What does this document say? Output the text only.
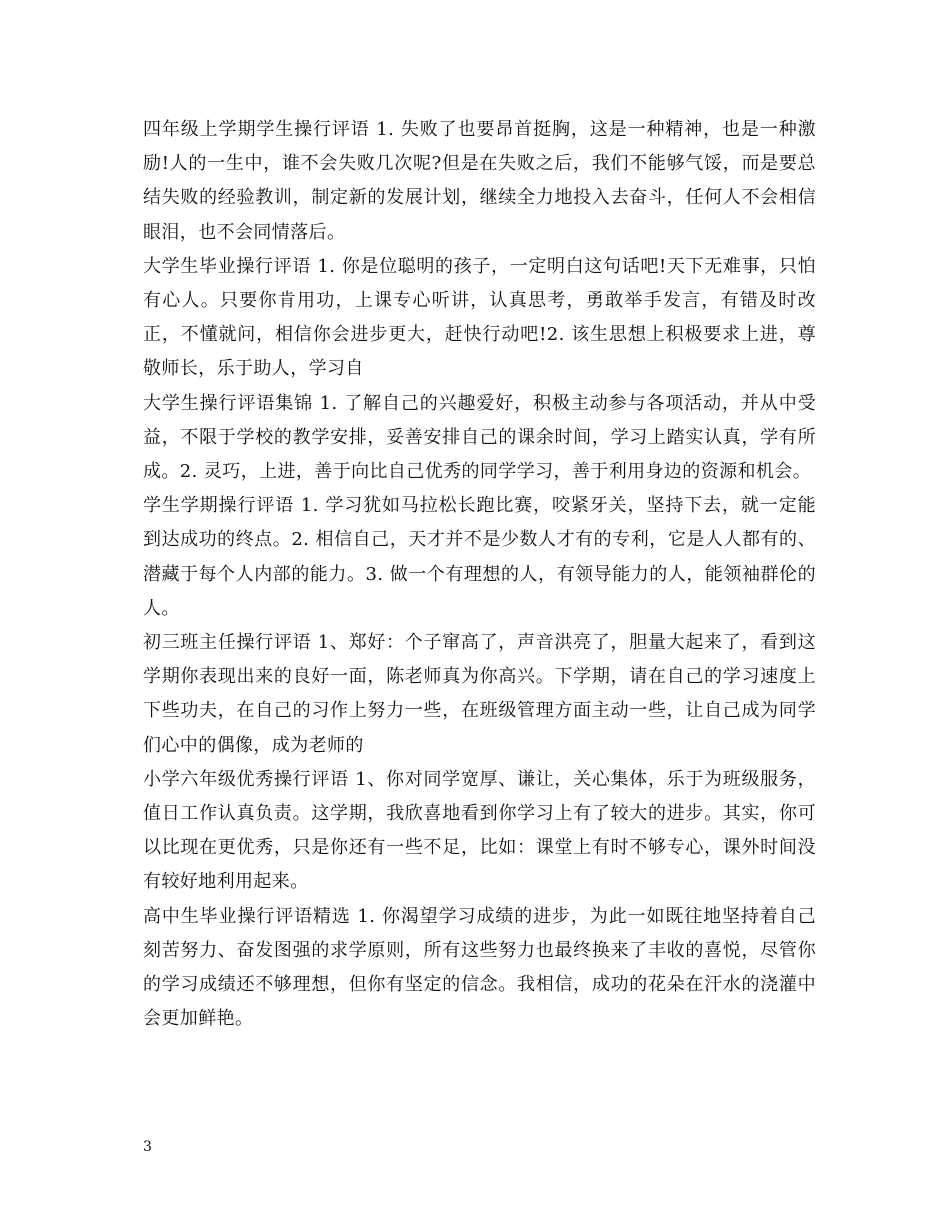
四年级上学期学生操行评语 1. 失败了也要昂首挺胸，这是一种精神，也是一种激励!人的一生中，谁不会失败几次呢?但是在失败之后，我们不能够气馁，而是要总结失败的经验教训，制定新的发展计划，继续全力地投入去奋斗，任何人不会相信眼泪，也不会同情落后。

大学生毕业操行评语 1. 你是位聪明的孩子，一定明白这句话吧!天下无难事，只怕有心人。只要你肯用功，上课专心听讲，认真思考，勇敢举手发言，有错及时改正，不懂就问，相信你会进步更大，赶快行动吧!2. 该生思想上积极要求上进，尊敬师长，乐于助人，学习自

大学生操行评语集锦 1. 了解自己的兴趣爱好，积极主动参与各项活动，并从中受益，不限于学校的教学安排，妥善安排自己的课余时间，学习上踏实认真，学有所成。2. 灵巧，上进，善于向比自己优秀的同学学习，善于利用身边的资源和机会。

学生学期操行评语 1. 学习犹如马拉松长跑比赛，咬紧牙关，坚持下去，就一定能到达成功的终点。2. 相信自己，天才并不是少数人才有的专利，它是人人都有的、潜藏于每个人内部的能力。3. 做一个有理想的人，有领导能力的人，能领袖群伦的人。

初三班主任操行评语 1、郑好：个子窜高了，声音洪亮了，胆量大起来了，看到这学期你表现出来的良好一面，陈老师真为你高兴。下学期，请在自己的学习速度上下些功夫，在自己的习作上努力一些，在班级管理方面主动一些，让自己成为同学们心中的偶像，成为老师的

小学六年级优秀操行评语 1、你对同学宽厚、谦让，关心集体，乐于为班级服务，值日工作认真负责。这学期，我欣喜地看到你学习上有了较大的进步。其实，你可以比现在更优秀，只是你还有一些不足，比如：课堂上有时不够专心，课外时间没有较好地利用起来。

高中生毕业操行评语精选 1. 你渴望学习成绩的进步，为此一如既往地坚持着自己刻苦努力、奋发图强的求学原则，所有这些努力也最终换来了丰收的喜悦，尽管你的学习成绩还不够理想，但你有坚定的信念。我相信，成功的花朵在汗水的浇灌中会更加鲜艳。

3
